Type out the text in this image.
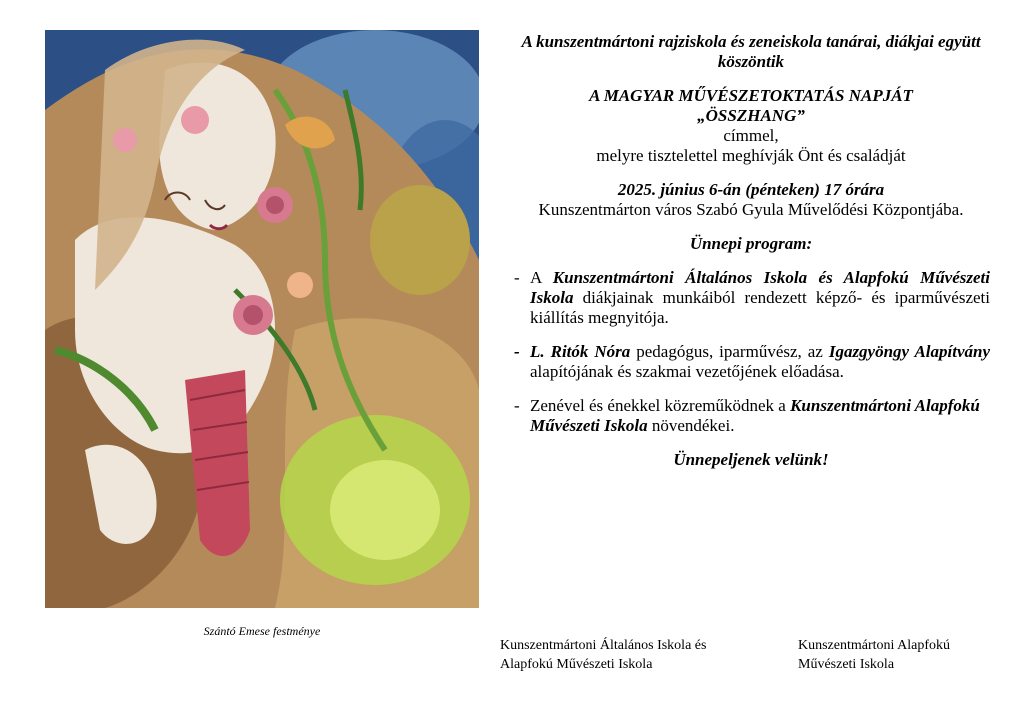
Szántó Emese festménye

A kunszentmártoni rajziskola és zeneiskola tanárai, diákjai együtt köszöntik

A MAGYAR MŰVÉSZETOKTATÁS NAPJÁT

„ÖSSZHANG”

címmel,

melyre tisztelettel meghívják Önt és családját

2025. június 6-án (pénteken) 17 órára

Kunszentmárton város Szabó Gyula Művelődési Központjába.

Ünnepi program:

- A Kunszentmártoni Általános Iskola és Alapfokú Művészeti Iskola diákjainak munkáiból rendezett képző- és iparművészeti kiállítás megnyitója.
- L. Ritók Nóra pedagógus, iparművész, az Igazgyöngy Alapítvány alapítójának és szakmai vezetőjének előadása.
- Zenével és énekkel közreműködnek a Kunszentmártoni Alapfokú Művészeti Iskola növendékei.

Ünnepeljenek velünk!

Kunszentmártoni Általános Iskola és
Alapfokú Művészeti Iskola
Kunszentmártoni Alapfokú
Művészeti Iskola
